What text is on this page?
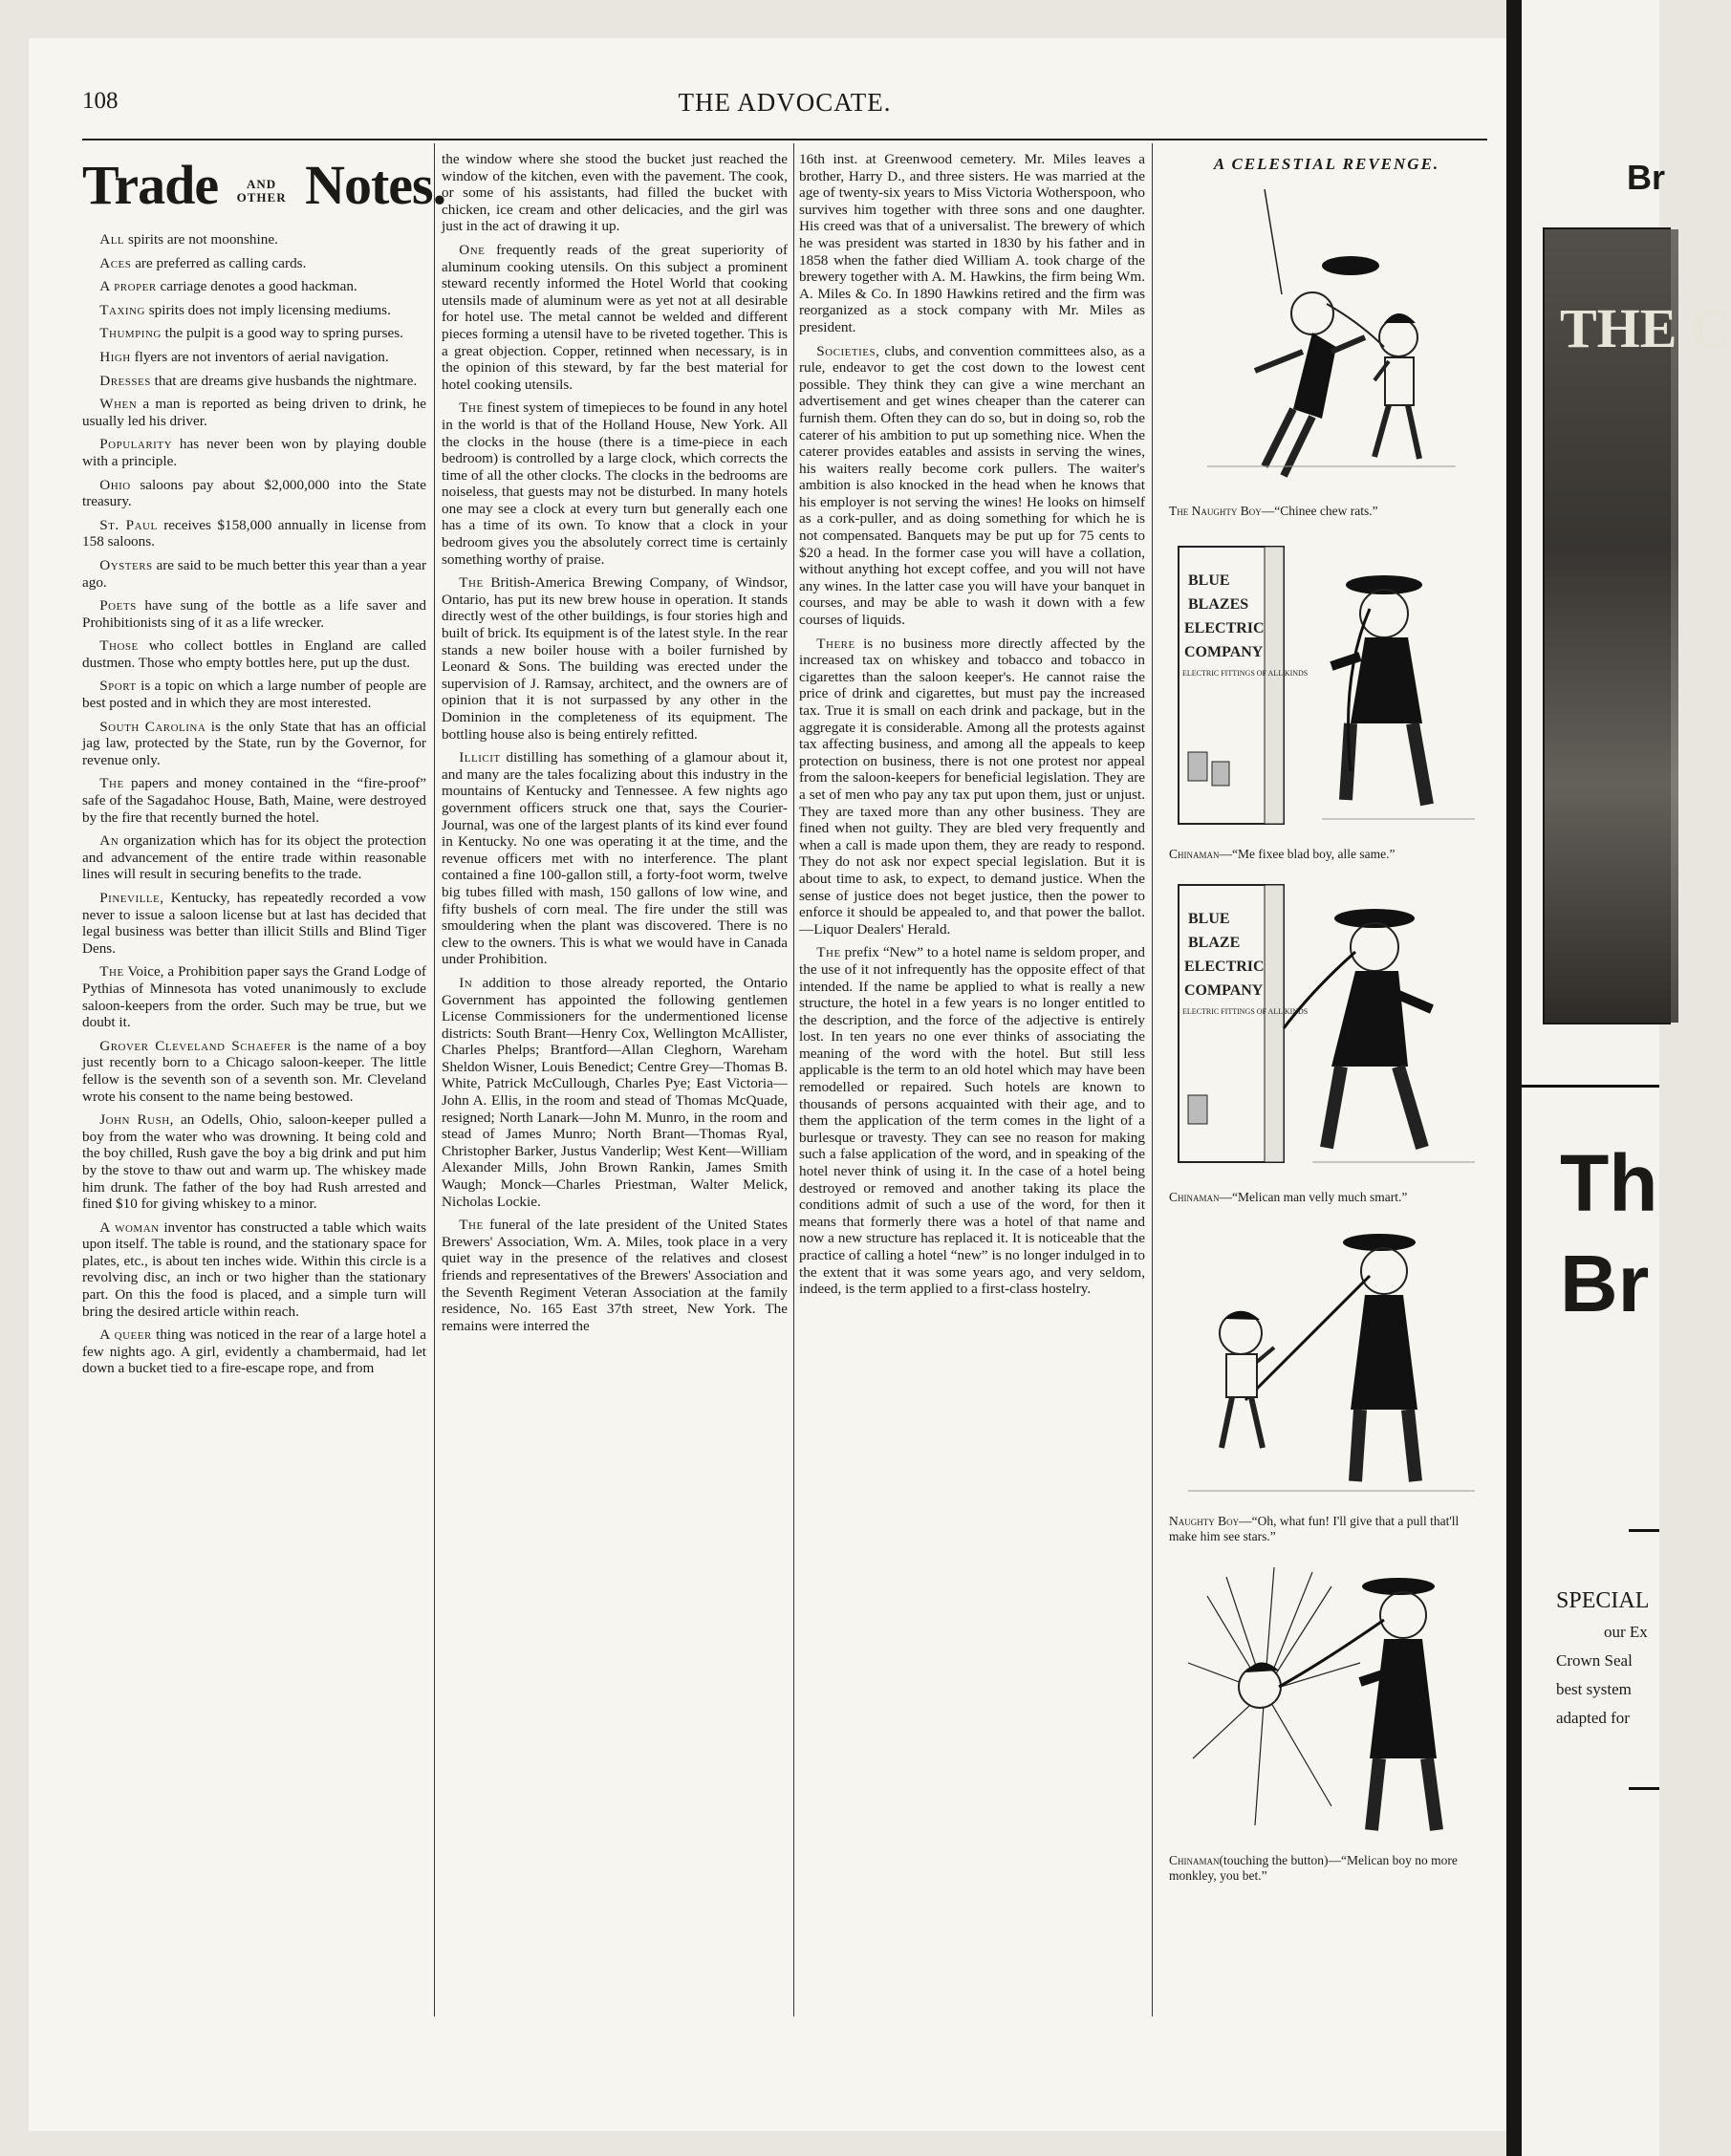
108	THE ADVOCATE.
Trade AND
OTHER Notes.

All spirits are not moonshine.

Aces are preferred as calling cards.

A proper carriage denotes a good hackman.

Taxing spirits does not imply licensing mediums.

Thumping the pulpit is a good way to spring purses.

High flyers are not inventors of aerial navigation.

Dresses that are dreams give husbands the nightmare.

When a man is reported as being driven to drink, he usually led his driver.

Popularity has never been won by playing double with a principle.

Ohio saloons pay about $2,000,000 into the State treasury.

St. Paul receives $158,000 annually in license from 158 saloons.

Oysters are said to be much better this year than a year ago.

Poets have sung of the bottle as a life saver and Prohibitionists sing of it as a life wrecker.

Those who collect bottles in England are called dustmen. Those who empty bottles here, put up the dust.

Sport is a topic on which a large number of people are best posted and in which they are most interested.

South Carolina is the only State that has an official jag law, protected by the State, run by the Governor, for revenue only.

The papers and money contained in the “fire-proof” safe of the Sagadahoc House, Bath, Maine, were destroyed by the fire that recently burned the hotel.

An organization which has for its object the protection and advancement of the entire trade within reasonable lines will result in securing benefits to the trade.

Pineville, Kentucky, has repeatedly recorded a vow never to issue a saloon license but at last has decided that legal business was better than illicit Stills and Blind Tiger Dens.

The Voice, a Prohibition paper says the Grand Lodge of Pythias of Minnesota has voted unanimously to exclude saloon-keepers from the order. Such may be true, but we doubt it.

Grover Cleveland Schaefer is the name of a boy just recently born to a Chicago saloon-keeper. The little fellow is the seventh son of a seventh son. Mr. Cleveland wrote his consent to the name being bestowed.

John Rush, an Odells, Ohio, saloon-keeper pulled a boy from the water who was drowning. It being cold and the boy chilled, Rush gave the boy a big drink and put him by the stove to thaw out and warm up. The whiskey made him drunk. The father of the boy had Rush arrested and fined $10 for giving whiskey to a minor.

A woman inventor has constructed a table which waits upon itself. The table is round, and the stationary space for plates, etc., is about ten inches wide. Within this circle is a revolving disc, an inch or two higher than the stationary part. On this the food is placed, and a simple turn will bring the desired article within reach.

A queer thing was noticed in the rear of a large hotel a few nights ago. A girl, evidently a chambermaid, had let down a bucket tied to a fire-escape rope, and from

the window where she stood the bucket just reached the window of the kitchen, even with the pavement. The cook, or some of his assistants, had filled the bucket with chicken, ice cream and other delicacies, and the girl was just in the act of drawing it up.

One frequently reads of the great superiority of aluminum cooking utensils. On this subject a prominent steward recently informed the Hotel World that cooking utensils made of aluminum were as yet not at all desirable for hotel use. The metal cannot be welded and different pieces forming a utensil have to be riveted together. This is a great objection. Copper, retinned when necessary, is in the opinion of this steward, by far the best material for hotel cooking utensils.

The finest system of timepieces to be found in any hotel in the world is that of the Holland House, New York. All the clocks in the house (there is a time-piece in each bedroom) is controlled by a large clock, which corrects the time of all the other clocks. The clocks in the bedrooms are noiseless, that guests may not be disturbed. In many hotels one may see a clock at every turn but generally each one has a time of its own. To know that a clock in your bedroom gives you the absolutely correct time is certainly something worthy of praise.

The British-America Brewing Company, of Windsor, Ontario, has put its new brew house in operation. It stands directly west of the other buildings, is four stories high and built of brick. Its equipment is of the latest style. In the rear stands a new boiler house with a boiler furnished by Leonard & Sons. The building was erected under the supervision of J. Ramsay, architect, and the owners are of opinion that it is not surpassed by any other in the Dominion in the completeness of its equipment. The bottling house also is being entirely refitted.

Illicit distilling has something of a glamour about it, and many are the tales focalizing about this industry in the mountains of Kentucky and Tennessee. A few nights ago government officers struck one that, says the Courier-Journal, was one of the largest plants of its kind ever found in Kentucky. No one was operating it at the time, and the revenue officers met with no interference. The plant contained a fine 100-gallon still, a forty-foot worm, twelve big tubes filled with mash, 150 gallons of low wine, and fifty bushels of corn meal. The fire under the still was smouldering when the plant was discovered. There is no clew to the owners. This is what we would have in Canada under Prohibition.

In addition to those already reported, the Ontario Government has appointed the following gentlemen License Commissioners for the undermentioned license districts: South Brant—Henry Cox, Wellington McAllister, Charles Phelps; Brantford—Allan Cleghorn, Wareham Sheldon Wisner, Louis Benedict; Centre Grey—Thomas B. White, Patrick McCullough, Charles Pye; East Victoria—John A. Ellis, in the room and stead of Thomas McQuade, resigned; North Lanark—John M. Munro, in the room and stead of James Munro; North Brant—Thomas Ryal, Christopher Barker, Justus Vanderlip; West Kent—William Alexander Mills, John Brown Rankin, James Smith Waugh; Monck—Charles Priestman, Walter Melick, Nicholas Lockie.

The funeral of the late president of the United States Brewers' Association, Wm. A. Miles, took place in a very quiet way in the presence of the relatives and closest friends and representatives of the Brewers' Association and the Seventh Regiment Veteran Association at the family residence, No. 165 East 37th street, New York. The remains were interred the

16th inst. at Greenwood cemetery. Mr. Miles leaves a brother, Harry D., and three sisters. He was married at the age of twenty-six years to Miss Victoria Wotherspoon, who survives him together with three sons and one daughter. His creed was that of a universalist. The brewery of which he was president was started in 1830 by his father and in 1858 when the father died William A. took charge of the brewery together with A. M. Hawkins, the firm being Wm. A. Miles & Co. In 1890 Hawkins retired and the firm was reorganized as a stock company with Mr. Miles as president.

Societies, clubs, and convention committees also, as a rule, endeavor to get the cost down to the lowest cent possible. They think they can give a wine merchant an advertisement and get wines cheaper than the caterer can furnish them. Often they can do so, but in doing so, rob the caterer of his ambition to put up something nice. When the caterer provides eatables and assists in serving the wines, his waiters really become cork pullers. The waiter's ambition is also knocked in the head when he knows that his employer is not serving the wines! He looks on himself as a cork-puller, and as doing something for which he is not compensated. Banquets may be put up for 75 cents to $20 a head. In the former case you will have a collation, without anything hot except coffee, and you will not have any wines. In the latter case you will have your banquet in courses, and may be able to wash it down with a few courses of liquids.

There is no business more directly affected by the increased tax on whiskey and tobacco and tobacco in cigarettes than the saloon keeper's. He cannot raise the price of drink and cigarettes, but must pay the increased tax. True it is small on each drink and package, but in the aggregate it is considerable. Among all the protests against tax affecting business, and among all the appeals to keep protection on business, there is not one protest nor appeal from the saloon-keepers for beneficial legislation. They are a set of men who pay any tax put upon them, just or unjust. They are taxed more than any other business. They are fined when not guilty. They are bled very frequently and when a call is made upon them, they are ready to respond. They do not ask nor expect special legislation. But it is about time to ask, to expect, to demand justice. When the sense of justice does not beget justice, then the power to enforce it should be appealed to, and that power the ballot.—Liquor Dealers' Herald.

The prefix “New” to a hotel name is seldom proper, and the use of it not infrequently has the opposite effect of that intended. If the name be applied to what is really a new structure, the hotel in a few years is no longer entitled to the description, and the force of the adjective is entirely lost. In ten years no one ever thinks of associating the meaning of the word with the hotel. But still less applicable is the term to an old hotel which may have been remodelled or repaired. Such hotels are known to thousands of persons acquainted with their age, and to them the application of the term comes in the light of a burlesque or travesty. They can see no reason for making such a false application of the word, and in speaking of the hotel never think of using it. In the case of a hotel being destroyed or removed and another taking its place the conditions admit of such a use of the word, for then it means that formerly there was a hotel of that name and now a new structure has replaced it. It is noticeable that the practice of calling a hotel “new” is no longer indulged in to the extent that it was some years ago, and very seldom, indeed, is the term applied to a first-class hostelry.

A CELESTIAL REVENGE.
The Naughty Boy—“Chinee chew rats.”
BLUE
BLAZES
ELECTRIC
COMPANY
ELECTRIC FITTINGS OF ALL KINDS
Chinaman—“Me fixee blad boy, alle same.”
BLUE
BLAZE
ELECTRIC
COMPANY
ELECTRIC FITTINGS OF ALL KINDS
Chinaman—“Melican man velly much smart.”
Naughty Boy—“Oh, what fun! I'll give that a pull that'll make him see stars.”
Chinaman(touching the button)—“Melican boy no more monkley, you bet.”
Br
THE C
Th
Br
SPECIAL
our Ex
Crown Seal
best system
adapted for
